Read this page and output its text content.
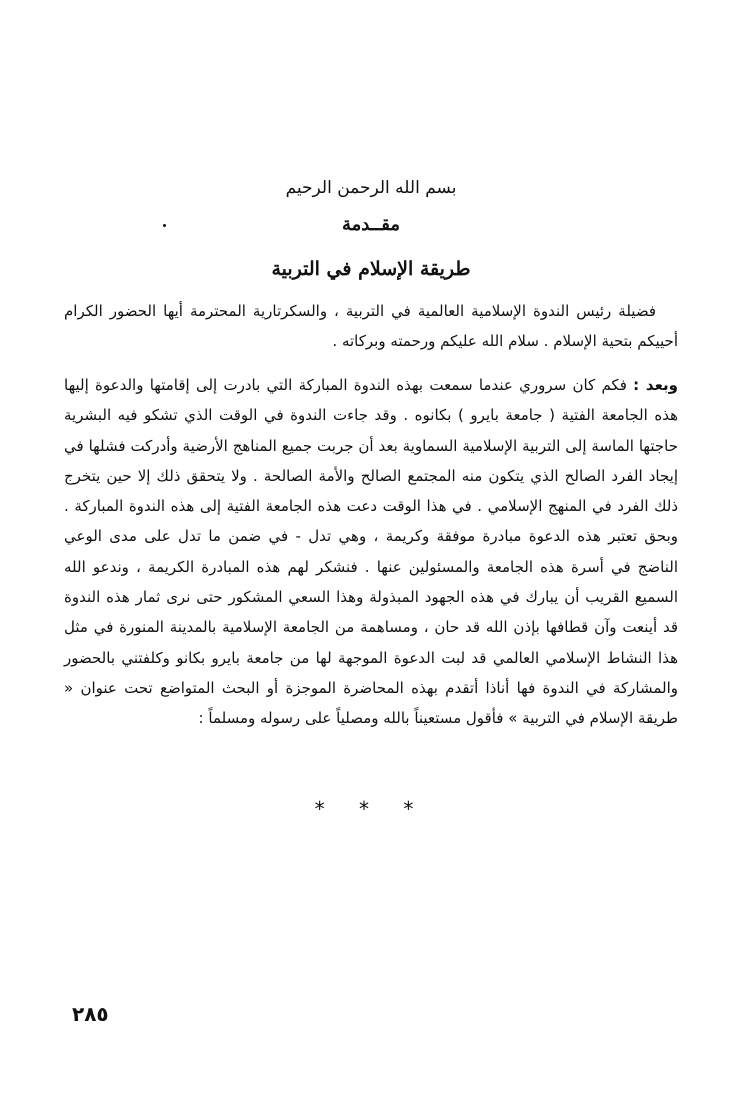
بسم الله الرحمن الرحيم
مقــدمة
طريقة الإسلام في التربية

فضيلة رئيس الندوة الإسلامية العالمية في التربية ، والسكرتارية المحترمة أيها الحضور الكرام أحييكم بتحية الإسلام . سلام الله عليكم ورحمته وبركاته .

وبعد : فكم كان سروري عندما سمعت بهذه الندوة المباركة التي بادرت إلى إقامتها والدعوة إليها هذه الجامعة الفتية ( جامعة بايرو ) بكانوه . وقد جاءت الندوة في الوقت الذي تشكو فيه البشرية حاجتها الماسة إلى التربية الإسلامية السماوية بعد أن جربت جميع المناهج الأرضية وأدركت فشلها في إيجاد الفرد الصالح الذي يتكون منه المجتمع الصالح والأمة الصالحة . ولا يتحقق ذلك إلا حين يتخرج ذلك الفرد في المنهج الإسلامي . في هذا الوقت دعت هذه الجامعة الفتية إلى هذه الندوة المباركة . وبحق تعتبر هذه الدعوة مبادرة موفقة وكريمة ، وهي تدل - في ضمن ما تدل على مدى الوعي الناضج في أسرة هذه الجامعة والمسئولين عنها . فنشكر لهم هذه المبادرة الكريمة ، وندعو الله السميع القريب أن يبارك في هذه الجهود المبذولة وهذا السعي المشكور حتى نرى ثمار هذه الندوة قد أينعت وآن قطافها بإذن الله قد حان ، ومساهمة من الجامعة الإسلامية بالمدينة المنورة في مثل هذا النشاط الإسلامي العالمي قد لبت الدعوة الموجهة لها من جامعة بايرو بكانو وكلفتني بالحضور والمشاركة في الندوة فها أناذا أتقدم بهذه المحاضرة الموجزة أو البحث المتواضع تحت عنوان « طريقة الإسلام في التربية » فأقول مستعيناً بالله ومصلياً على رسوله ومسلماً :

* * *
٢٨٥
